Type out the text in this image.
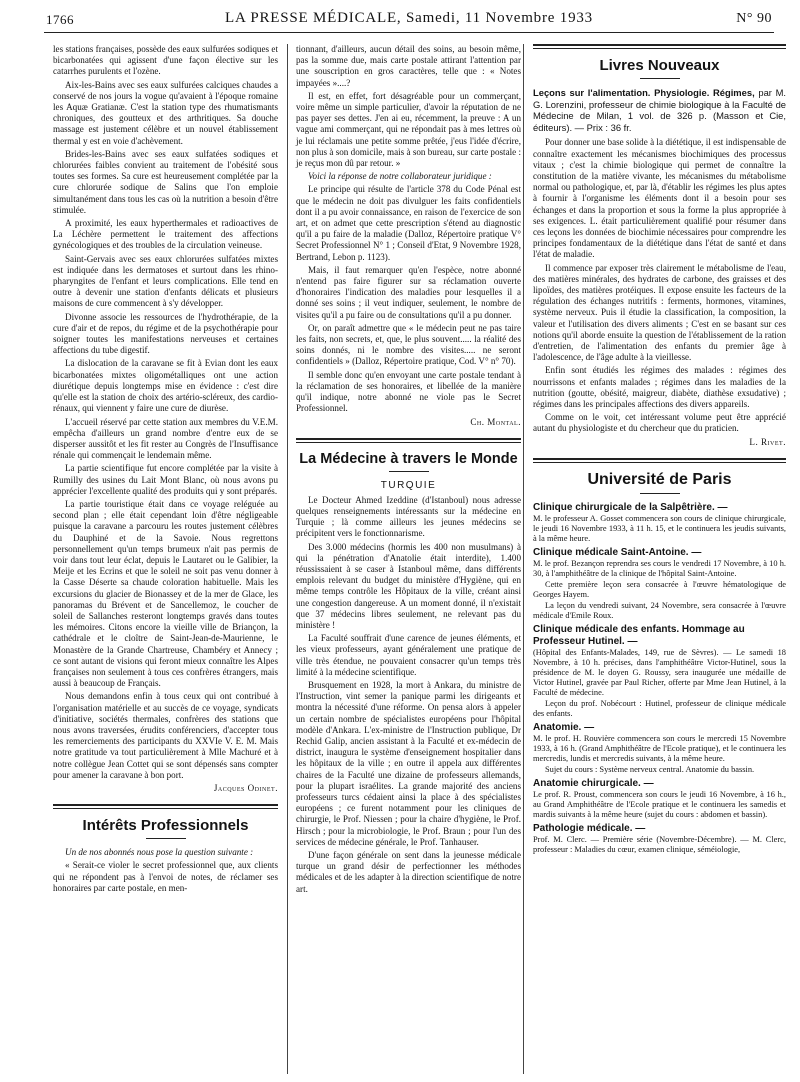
1766	LA PRESSE MÉDICALE, Samedi, 11 Novembre 1933	N° 90

les stations françaises, possède des eaux sulfurées sodiques et bicarbonatées qui agissent d'une façon élective sur les catarrhes purulents et l'ozène.

Aix-les-Bains avec ses eaux sulfurées calciques chaudes a conservé de nos jours la vogue qu'avaient à l'époque romaine les Aquæ Gratianæ. C'est la station type des rhumatismants chroniques, des goutteux et des arthritiques. Sa douche massage est justement célèbre et un nouvel établissement thermal y est en voie d'achèvement.

Brides-les-Bains avec ses eaux sulfatées sodiques et chlorurées faibles convient au traitement de l'obésité sous toutes ses formes. Sa cure est heureusement complétée par la cure chlorurée sodique de Salins que l'on emploie simultanément dans tous les cas où la nutrition a besoin d'être stimulée.

A proximité, les eaux hyperthermales et radioactives de La Léchère permettent le traitement des affections gynécologiques et des troubles de la circulation veineuse.

Saint-Gervais avec ses eaux chlorurées sulfatées mixtes est indiquée dans les dermatoses et surtout dans les rhino-pharyngites de l'enfant et leurs complications. Elle tend en outre à devenir une station d'enfants délicats et plusieurs maisons de cure commencent à s'y développer.

Divonne associe les ressources de l'hydrothérapie, de la cure d'air et de repos, du régime et de la psychothérapie pour soigner toutes les manifestations nerveuses et certaines affections du tube digestif.

La dislocation de la caravane se fit à Evian dont les eaux bicarbonatées mixtes oligométalliques ont une action diurétique depuis longtemps mise en évidence : c'est dire qu'elle est la station de choix des artério-scléreux, des cardio-rénaux, qui viennent y faire une cure de diurèse.

L'accueil réservé par cette station aux membres du V.E.M. empêcha d'ailleurs un grand nombre d'entre eux de se disperser aussitôt et les fit rester au Congrès de l'Insuffisance rénale qui commençait le lendemain même.

La partie scientifique fut encore complétée par la visite à Rumilly des usines du Lait Mont Blanc, où nous avons pu apprécier l'excellente qualité des produits qui y sont préparés.

La partie touristique était dans ce voyage reléguée au second plan ; elle était cependant loin d'être négligeable puisque la caravane a parcouru les routes justement célèbres du Dauphiné et de la Savoie. Nous regrettons personnellement qu'un temps brumeux n'ait pas permis de voir dans tout leur éclat, depuis le Lautaret ou le Galibier, la Meije et les Ecrins et que le soleil ne soit pas venu donner à la Casse Déserte sa chaude coloration habituelle. Mais les excursions du glacier de Bionassey et de la mer de Glace, les panoramas du Brévent et de Sancellemoz, le coucher de soleil de Sallanches resteront longtemps gravés dans toutes les mémoires. Citons encore la vieille ville de Briançon, la cathédrale et le cloître de Saint-Jean-de-Maurienne, le Monastère de la Grande Chartreuse, Chambéry et Annecy ; ce sont autant de visions qui feront mieux connaître les Alpes françaises non seulement à tous ces confrères étrangers, mais aussi à beaucoup de Français.

Nous demandons enfin à tous ceux qui ont contribué à l'organisation matérielle et au succès de ce voyage, syndicats d'initiative, sociétés thermales, confrères des stations que nous avons traversées, érudits conférenciers, d'accepter tous les remerciements des participants du XXVIe V. E. M. Mais notre gratitude va tout particulièrement à Mlle Machuré et à notre collègue Jean Cottet qui se sont dépensés sans compter pour amener la caravane à bon port.

Jacques Odinet.

Intérêts Professionnels

Un de nos abonnés nous pose la question suivante :

« Serait-ce violer le secret professionnel que, aux clients qui ne répondent pas à l'envoi de notes, de réclamer ses honoraires par carte postale, en men-

tionnant, d'ailleurs, aucun détail des soins, au besoin même, pas la somme due, mais carte postale attirant l'attention par une souscription en gros caractères, telle que : « Notes impayées »....?

Il est, en effet, fort désagréable pour un commerçant, voire même un simple particulier, d'avoir la réputation de ne pas payer ses dettes. J'en ai eu, récemment, la preuve : A un vague ami commerçant, qui ne répondait pas à mes lettres où je lui réclamais une petite somme prêtée, j'eus l'idée d'écrire, non plus à son domicile, mais à son bureau, sur carte postale : je reçus mon dû par retour. »

Voici la réponse de notre collaborateur juridique :

Le principe qui résulte de l'article 378 du Code Pénal est que le médecin ne doit pas divulguer les faits confidentiels dont il a pu avoir connaissance, en raison de l'exercice de son art, et on admet que cette prescription s'étend au diagnostic qu'il a pu faire de la maladie (Dalloz, Répertoire pratique V° Secret Professionnel N° 1 ; Conseil d'Etat, 9 Novembre 1928, Bertrand, Lebon p. 1123).

Mais, il faut remarquer qu'en l'espèce, notre abonné n'entend pas faire figurer sur sa réclamation ouverte d'honoraires l'indication des maladies pour lesquelles il a donné ses soins ; il veut indiquer, seulement, le nombre de visites qu'il a pu faire ou de consultations qu'il a pu donner.

Or, on paraît admettre que « le médecin peut ne pas taire les faits, non secrets, et, que, le plus souvent..... la réalité des soins donnés, ni le nombre des visites..... ne seront confidentiels » (Dalloz, Répertoire pratique, Cod. V° n° 70).

Il semble donc qu'en envoyant une carte postale tendant à la réclamation de ses honoraires, et libellée de la manière qu'il indique, notre abonné ne viole pas le Secret Professionnel.

Ch. Montal.

La Médecine à travers le Monde
TURQUIE

Le Docteur Ahmed Izeddine (d'Istanboul) nous adresse quelques renseignements intéressants sur la médecine en Turquie ; là comme ailleurs les jeunes médecins se précipitent vers le fonctionnarisme.

Des 3.000 médecins (hormis les 400 non musulmans) à qui la pénétration d'Anatolie était interdite), 1.400 réussissaient à se caser à Istanboul même, dans différents emplois relevant du budget du ministère d'Hygiène, qui en même temps contrôle les Hôpitaux de la ville, créant ainsi une congestion dangereuse. A un moment donné, il n'existait que 37 médecins libres seulement, ne relevant pas du ministère !

La Faculté souffrait d'une carence de jeunes éléments, et les vieux professeurs, ayant généralement une pratique de ville très étendue, ne pouvaient consacrer qu'un temps très limité à la médecine scientifique.

Brusquement en 1928, la mort à Ankara, du ministre de l'Instruction, vint semer la panique parmi les dirigeants et montra la nécessité d'une réforme. On pensa alors à appeler un certain nombre de spécialistes européens pour l'hôpital modèle d'Ankara. L'ex-ministre de l'Instruction publique, Dr Rechid Galip, ancien assistant à la Faculté et ex-médecin de district, inaugura le système d'enseignement hospitalier dans les hôpitaux de la ville ; en outre il appela aux différentes chaires de la Faculté une dizaine de professeurs allemands, pour la plupart israélites. La grande majorité des anciens professeurs turcs cédaient ainsi la place à des spécialistes européens ; ce furent notamment pour les cliniques de chirurgie, le Prof. Niessen ; pour la chaire d'hygiène, le Prof. Hirsch ; pour la microbiologie, le Prof. Braun ; pour l'un des services de médecine générale, le Prof. Tanhauser.

D'une façon générale on sent dans la jeunesse médicale turque un grand désir de perfectionner les méthodes médicales et de les adapter à la direction scientifique de notre art.

Livres Nouveaux
Leçons sur l'alimentation. Physiologie. Régimes, par M. G. Lorenzini, professeur de chimie biologique à la Faculté de Médecine de Milan, 1 vol. de 326 p. (Masson et Cie, éditeurs). — Prix : 36 fr.

Pour donner une base solide à la diététique, il est indispensable de connaître exactement les mécanismes biochimiques des processus vitaux ; c'est la chimie biologique qui permet de connaître la constitution de la matière vivante, les mécanismes du métabolisme normal ou pathologique, et, par là, d'établir les régimes les plus aptes à fournir à l'organisme les éléments dont il a besoin pour ses échanges et dans la proportion et sous la forme la plus appropriée à ses exigences. L. était particulièrement qualifié pour résumer dans ces leçons les données de biochimie nécessaires pour comprendre les principes fondamentaux de la diététique dans l'état de santé et dans l'état de maladie.

Il commence par exposer très clairement le métabolisme de l'eau, des matières minérales, des hydrates de carbone, des graisses et des lipoïdes, des matières protéiques. Il expose ensuite les facteurs de la régulation des échanges nutritifs : ferments, hormones, vitamines, système nerveux. Puis il étudie la classification, la composition, la valeur et l'utilisation des divers aliments ; C'est en se basant sur ces notions qu'il aborde ensuite la question de l'établissement de la ration d'entretien, de l'alimentation des enfants du premier âge à l'adolescence, de l'âge adulte à la vieillesse.

Enfin sont étudiés les régimes des malades : régimes des nourrissons et enfants malades ; régimes dans les maladies de la nutrition (goutte, obésité, maigreur, diabète, diathèse exsudative) ; régimes dans les principales affections des divers appareils.

Comme on le voit, cet intéressant volume peut être apprécié autant du physiologiste et du chercheur que du praticien.

L. Rivet.

Université de Paris
Clinique chirurgicale de la Salpêtrière. —

M. le professeur A. Gosset commencera son cours de clinique chirurgicale, le jeudi 16 Novembre 1933, à 11 h. 15, et le continuera les jeudis suivants, à la même heure.

Clinique médicale Saint-Antoine. —

M. le prof. Bezançon reprendra ses cours le vendredi 17 Novembre, à 10 h. 30, à l'amphithéâtre de la clinique de l'hôpital Saint-Antoine.

Cette première leçon sera consacrée à l'œuvre hématologique de Georges Hayem.

La leçon du vendredi suivant, 24 Novembre, sera consacrée à l'œuvre médicale d'Emile Roux.

Clinique médicale des enfants. Hommage au Professeur Hutinel. —

(Hôpital des Enfants-Malades, 149, rue de Sèvres). — Le samedi 18 Novembre, à 10 h. précises, dans l'amphithéâtre Victor-Hutinel, sous la présidence de M. le doyen G. Roussy, sera inaugurée une médaille de Victor Hutinel, gravée par Paul Richer, offerte par Mme Jean Hutinel, à la Faculté de médecine.

Leçon du prof. Nobécourt : Hutinel, professeur de clinique médicale des enfants.

Anatomie. —

M. le prof. H. Rouvière commencera son cours le mercredi 15 Novembre 1933, à 16 h. (Grand Amphithéâtre de l'Ecole pratique), et le continuera les mercredis, lundis et mercredis suivants, à la même heure.

Sujet du cours : Système nerveux central. Anatomie du bassin.

Anatomie chirurgicale. —

Le prof. R. Proust, commencera son cours le jeudi 16 Novembre, à 16 h., au Grand Amphithéâtre de l'Ecole pratique et le continuera les samedis et mardis suivants à la même heure (sujet du cours : abdomen et bassin).

Pathologie médicale. —

Prof. M. Clerc. — Première série (Novembre-Décembre). — M. Clerc, professeur : Maladies du cœur, examen clinique, séméiologie,
